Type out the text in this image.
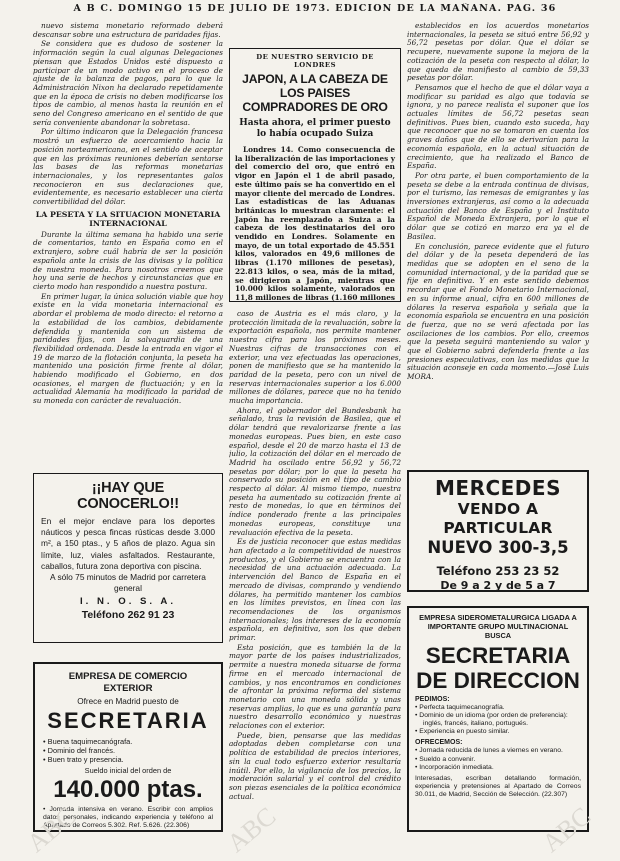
A B C. DOMINGO 15 DE JULIO DE 1973. EDICION DE LA MAÑANA. PAG. 36

nuevo sistema monetario reformado deberá descansar sobre una estructura de paridades fijas.

Se considera que es dudoso de sostener la información según la cual algunas Delegaciones piensan que Estados Unidos esté dispuesto a participar de un modo activo en el proceso de ajuste de la balanza de pagos, para lo que la Administración Nixon ha declarado repetidamente que en la época de crisis no deben modificarse los tipos de cambio, al menos hasta la reunión en el seno del Congreso americano en el sentido de que sería conveniente abandonar la sobretasa.

Por último indicaron que la Delegación francesa mostró un esfuerzo de acercamiento hacia la posición norteamericana, en el sentido de aceptar que en las próximas reuniones deberían sentarse las bases de las reformas monetarias internacionales, y los representantes galos reconocieron en sus declaraciones que, evidentemente, es necesario establecer una cierta convertibilidad del dólar.

LA PESETA Y LA SITUACION MONETARIA INTERNACIONAL

Durante la última semana ha habido una serie de comentarios, tanto en España como en el extranjero, sobre cuál habría de ser la posición española ante la crisis de las divisas y la política de nuestra moneda. Para nosotros creemos que hoy una serie de hechos y circunstancias que en cierto modo han respondido a nuestra postura.

En primer lugar, la única solución viable que hoy existe en la vida monetaria internacional es abordar el problema de modo directo: el retorno a la estabilidad de los cambios, debidamente defendida y mantenida con un sistema de paridades fijas, con la salvaguardia de una flexibilidad ordenada. Desde la entrada en vigor el 19 de marzo de la flotación conjunta, la peseta ha mantenido una posición firme frente al dólar, habiendo modificado el Gobierno, en dos ocasiones, el margen de fluctuación; y en la actualidad Alemania ha modificado la paridad de su moneda con carácter de revaluación.

DE NUESTRO SERVICIO DE LONDRES
JAPON, A LA CABEZA DE LOS PAISES COMPRADORES DE ORO
Hasta ahora, el primer puesto lo había ocupado Suiza
Londres 14. Como consecuencia de la liberalización de las importaciones y del comercio del oro, que entró en vigor en Japón el 1 de abril pasado, este último país se ha convertido en el mayor cliente del mercado de Londres. Las estadísticas de las Aduanas británicas lo muestran claramente: el Japón ha reemplazado a Suiza a la cabeza de los destinatarios del oro vendido en Londres. Solamente en mayo, de un total exportado de 45.551 kilos, valorados en 49,6 millones de libras (1.170 millones de pesetas), 22.813 kilos, o sea, más de la mitad, se dirigieron a Japón, mientras que 10.000 kilos solamente, valorados en 11,8 millones de libras (1.160 millones

caso de Austria es el más claro, y la protección limitada de la revaluación, sobre la exportación española, nos permite mantener nuestra cifra para los próximos meses. Nuestras cifras de transacciones con el exterior, una vez efectuadas las operaciones, ponen de manifiesto que se ha mantenido la paridad de la peseta, pero con un nivel de reservas internacionales superior a los 6.000 millones de dólares, parece que no ha tenido mucha importancia.

Ahora, el gobernador del Bundesbank ha señalado, tras la revisión de Basilea, que el dólar tendrá que revalorizarse frente a las monedas europeas. Pues bien, en este caso español, desde el 20 de marzo hasta el 13 de julio, la cotización del dólar en el mercado de Madrid ha oscilado entre 56,92 y 56,72 pesetas por dólar; por lo que la peseta ha conservado su posición en el tipo de cambio respecto al dólar. Al mismo tiempo, nuestra peseta ha aumentado su cotización frente al resto de monedas, lo que en términos del índice ponderado frente a las principales monedas europeas, constituye una revaluación efectiva de la peseta.

Es de justicia reconocer que estas medidas han afectado a la competitividad de nuestros productos, y el Gobierno se encuentra con la necesidad de una actuación adecuada. La intervención del Banco de España en el mercado de divisas, comprando y vendiendo dólares, ha permitido mantener los cambios en los límites previstos, en línea con las recomendaciones de los organismos internacionales; los intereses de la economía española, en definitiva, son los que deben primar.

Esta posición, que es también la de la mayor parte de los países industrializados, permite a nuestra moneda situarse de forma firme en el mercado internacional de cambios, y nos encontramos en condiciones de afrontar la próxima reforma del sistema monetario con una moneda sólida y unas reservas amplias, lo que es una garantía para nuestro desarrollo económico y nuestras relaciones con el exterior.

Puede, bien, pensarse que las medidas adoptadas deben completarse con una política de estabilidad de precios interiores, sin la cual todo esfuerzo exterior resultaría inútil. Por ello, la vigilancia de los precios, la moderación salarial y el control del crédito son piezas esenciales de la política económica actual.

establecidos en los acuerdos monetarios internacionales, la peseta se situó entre 56,92 y 56,72 pesetas por dólar. Que el dólar se recupere, nuevamente supone la mejora de la cotización de la peseta con respecto al dólar, lo que queda de manifiesto al cambio de 59,33 pesetas por dólar.

Pensamos que el hecho de que el dólar vaya a modificar su paridad es algo que todavía se ignora, y no parece realista el suponer que los actuales límites de 56,72 pesetas sean definitivos. Pues bien, cuando esto suceda, hay que reconocer que no se tomaron en cuenta los graves daños que de ello se derivarían para la economía española, en la actual situación de crecimiento, que ha realizado el Banco de España.

Por otra parte, el buen comportamiento de la peseta se debe a la entrada continua de divisas, por el turismo, las remesas de emigrantes y las inversiones extranjeras, así como a la adecuada actuación del Banco de España y el Instituto Español de Moneda Extranjera, por lo que el dólar que se cotizó en marzo era ya el de Basilea.

En conclusión, parece evidente que el futuro del dólar y de la peseta dependerá de las medidas que se adopten en el seno de la comunidad internacional, y de la paridad que se fije en definitiva. Y en este sentido debemos recordar que el Fondo Monetario Internacional, en su informe anual, cifra en 600 millones de dólares la reserva española y señala que la economía española se encuentra en una posición de fuerza, que no se verá afectada por las oscilaciones de los cambios. Por ello, creemos que la peseta seguirá manteniendo su valor y que el Gobierno sabrá defenderla frente a las presiones especulativas, con las medidas que la situación aconseje en cada momento.—José Luis MORA.

¡¡HAY QUE CONOCERLO!!
En el mejor enclave para los deportes náuticos y pesca fincas rústicas desde 3.000 m², a 150 ptas., y 5 años de plazo. Agua sin límite, luz, viales asfaltados. Restaurante, caballos, futura zona deportiva con piscina.
A sólo 75 minutos de Madrid por carretera general
I. N. O. S. A.
Teléfono 262 91 23
EMPRESA DE COMERCIO EXTERIOR
Ofrece en Madrid puesto de
SECRETARIA
• Buena taquimecanógrafa.
• Dominio del francés.
• Buen trato y presencia.
Sueldo inicial del orden de
140.000 ptas.
• Jornada intensiva en verano. Escribir con amplios datos personales, indicando experiencia y teléfono al Apartado de Correos 5.302. Ref. 5.626. (22.306)
MERCEDES
VENDO A PARTICULAR
NUEVO 300-3,5
Teléfono 253 23 52
De 9 a 2 y de 5 a 7
EMPRESA SIDEROMETALURGICA LIGADA A IMPORTANTE GRUPO MULTINACIONAL BUSCA
SECRETARIA DE DIRECCION
PEDIMOS:
• Perfecta taquimecanografía.
• Dominio de un idioma (por orden de preferencia): inglés, francés, italiano, portugués.
• Experiencia en puesto similar.
OFRECEMOS:
• Jornada reducida de lunes a viernes en verano.
• Sueldo a convenir.
• Incorporación inmediata.
Interesadas, escriban detallando formación, experiencia y pretensiones al Apartado de Correos 30.011, de Madrid, Sección de Selección. (22.307)
ABC	ABC	ABC
